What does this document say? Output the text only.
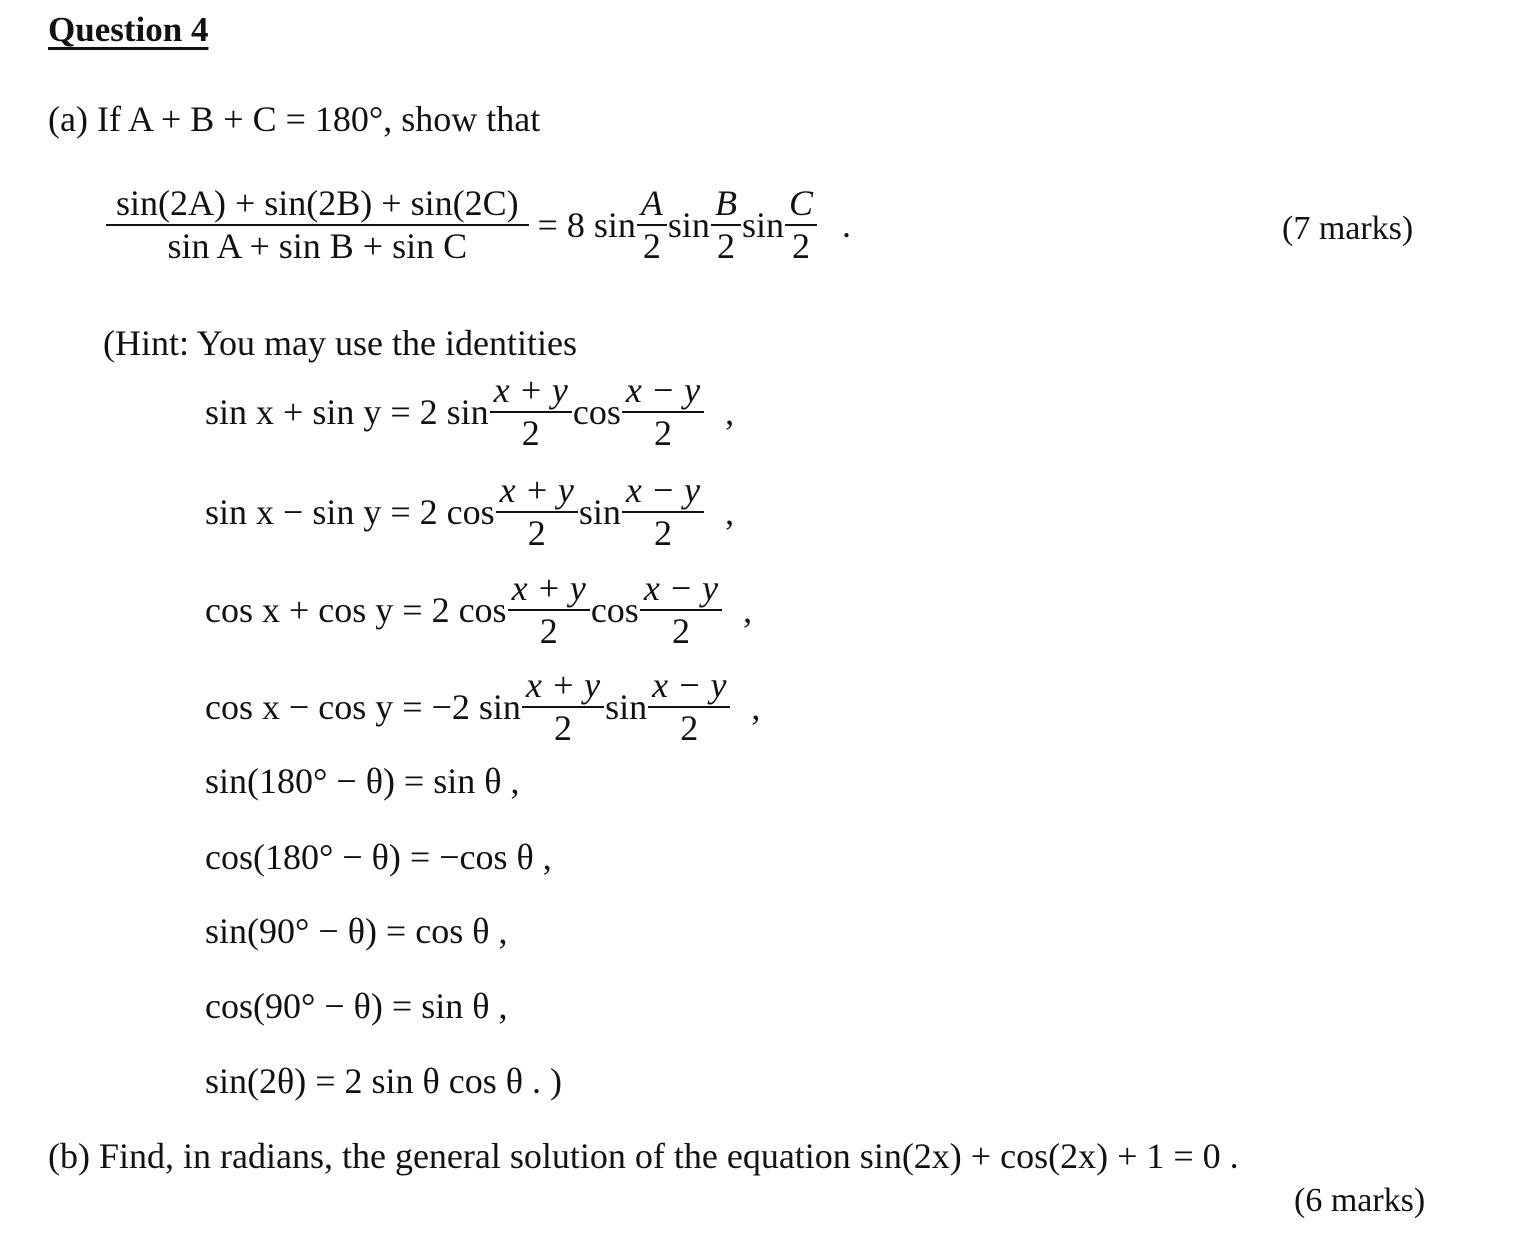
Question 4
(a) If A + B + C = 180°, show that
$\frac{\sin(2A) + \sin(2B) + \sin(2C)}{\text{sin A + sin B + sin C}} = 8$ $\sin \frac{A}{2}$ $\sin \frac{B}{2}$ $\sin \frac{C}{2}$ .	(7 marks)
(Hint: You may use the identities
sin x + sin y = 2 $\sin \frac{x + y}{2}$ $\cos \frac{x - y}{2}$ ,
sin x − sin y = 2 $\cos \frac{x + y}{2}$ $\sin \frac{x - y}{2}$ ,
cos x + cos y = 2 $\cos \frac{x + y}{2}$ $\cos \frac{x - y}{2}$ ,
cos x − cos y = −2 $\sin \frac{x + y}{2}$ $\sin \frac{x - y}{2}$ ,
sin(180° − θ) = sin θ ,
cos(180° − θ) = −cos θ ,
sin(90° − θ) = cos θ ,
cos(90° − θ) = sin θ ,
sin(2θ) = 2 sin θ cos θ . )
(b) Find, in radians, the general solution of the equation sin(2x) + cos(2x) + 1 = 0 .
(6 marks)
